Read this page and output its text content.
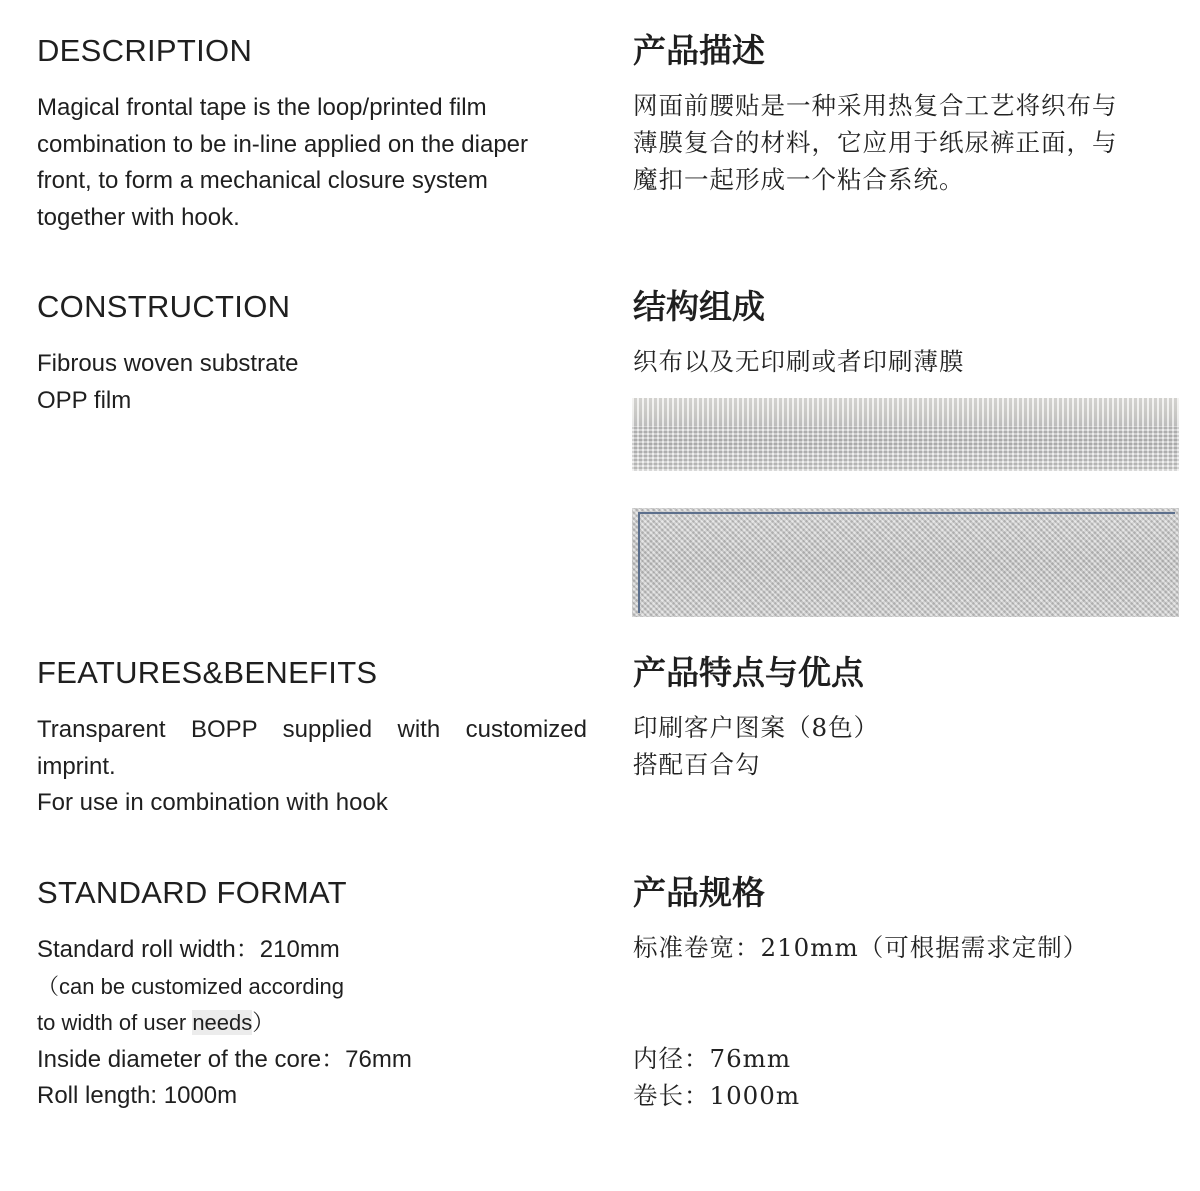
DESCRIPTION
Magical frontal tape is the loop/printed film
combination to be in-line applied on the diaper
front, to form a mechanical closure system
together with hook.
产品描述
网面前腰贴是一种采用热复合工艺将织布与
薄膜复合的材料，它应用于纸尿裤正面，与
魔扣一起形成一个粘合系统。
CONSTRUCTION
Fibrous woven substrate
OPP film
结构组成
织布以及无印刷或者印刷薄膜
FEATURES&BENEFITS
Transparent BOPP supplied with customized imprint.
For use in combination with hook
产品特点与优点
印刷客户图案（8色）
搭配百合勾
STANDARD FORMAT
Standard roll width：210mm
（can be customized according
to width of user needs）
Inside diameter of the core：76mm
Roll length: 1000m
产品规格
标准卷宽：210mm（可根据需求定制）
内径：76mm
卷长：1000m
